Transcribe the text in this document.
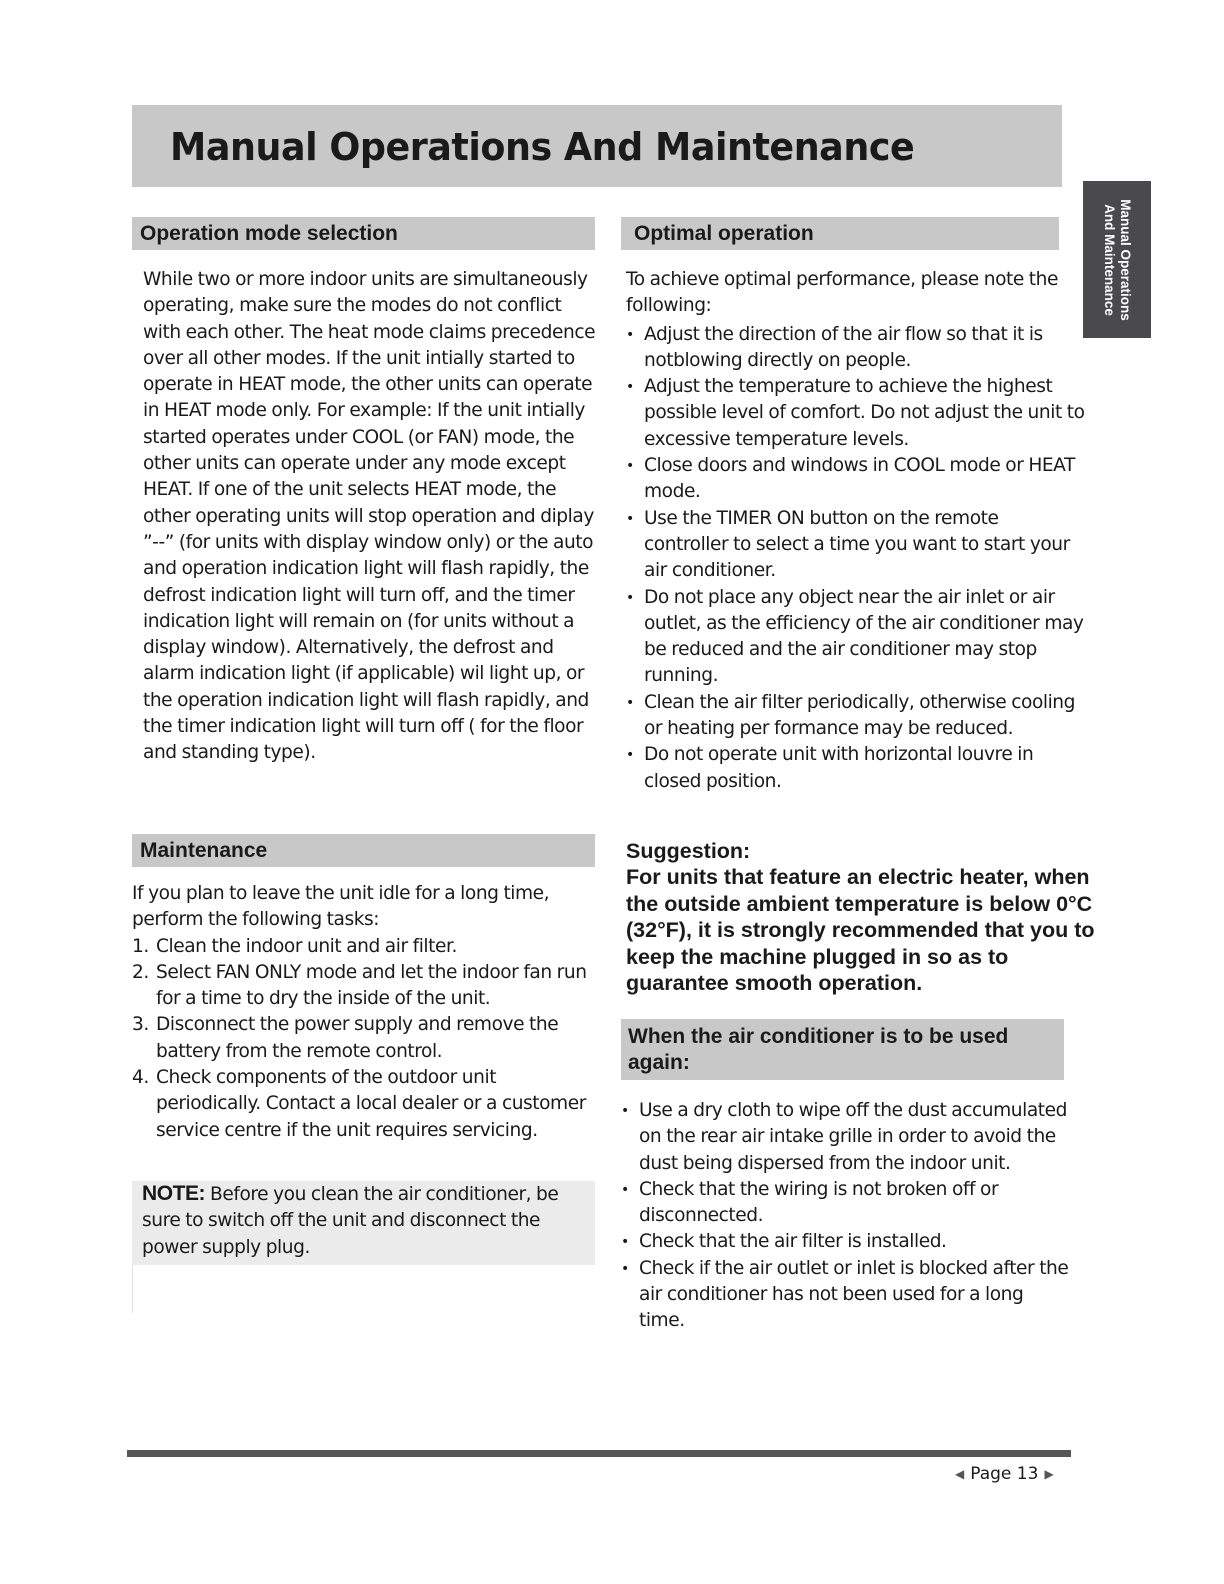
Manual Operations And Maintenance
Manual Operations
And Maintenance
Operation mode selection

While two or more indoor units are simultaneously operating, make sure the modes do not conflict with each other. The heat mode claims precedence over all other modes. If the unit intially started to operate in HEAT mode, the other units can operate in HEAT mode only. For example: If the unit intially started operates under COOL (or FAN) mode, the other units can operate under any mode except HEAT. If one of the unit selects HEAT mode, the other operating units will stop operation and diplay ”--” (for units with display window only) or the auto and operation indication light will flash rapidly, the defrost indication light will turn off, and the timer indication light will remain on (for units without a display window). Alternatively, the defrost and alarm indication light (if applicable) wil light up, or the operation indication light will flash rapidly, and the timer indication light will turn off ( for the floor and standing type).

Maintenance

If you plan to leave the unit idle for a long time, perform the following tasks:

1. Clean the indoor unit and air filter.
2. Select FAN ONLY mode and let the indoor fan run for a time to dry the inside of the unit.
3. Disconnect the power supply and remove the battery from the remote control.
4. Check components of the outdoor unit periodically. Contact a local dealer or a customer service centre if the unit requires servicing.
NOTE: Before you clean the air conditioner, be sure to switch off the unit and disconnect the power supply plug.
Optimal operation

To achieve optimal performance, please note the following:

• Adjust the direction of the air flow so that it is notblowing directly on people.
• Adjust the temperature to achieve the highest possible level of comfort. Do not adjust the unit to excessive temperature levels.
• Close doors and windows in COOL mode or HEAT mode.
• Use the TIMER ON button on the remote controller to select a time you want to start your air conditioner.
• Do not place any object near the air inlet or air outlet, as the efficiency of the air conditioner may be reduced and the air conditioner may stop running.
• Clean the air filter periodically, otherwise cooling or heating per formance may be reduced.
• Do not operate unit with horizontal louvre in closed position.

Suggestion:

For units that feature an electric heater, when the outside ambient temperature is below 0°C (32°F), it is strongly recommended that you to keep the machine plugged in so as to guarantee smooth operation.

When the air conditioner is to be used again:
• Use a dry cloth to wipe off the dust accumulated on the rear air intake grille in order to avoid the dust being dispersed from the indoor unit.
• Check that the wiring is not broken off or disconnected.
• Check that the air filter is installed.
• Check if the air outlet or inlet is blocked after the air conditioner has not been used for a long time.
◀ Page 13 ▶
